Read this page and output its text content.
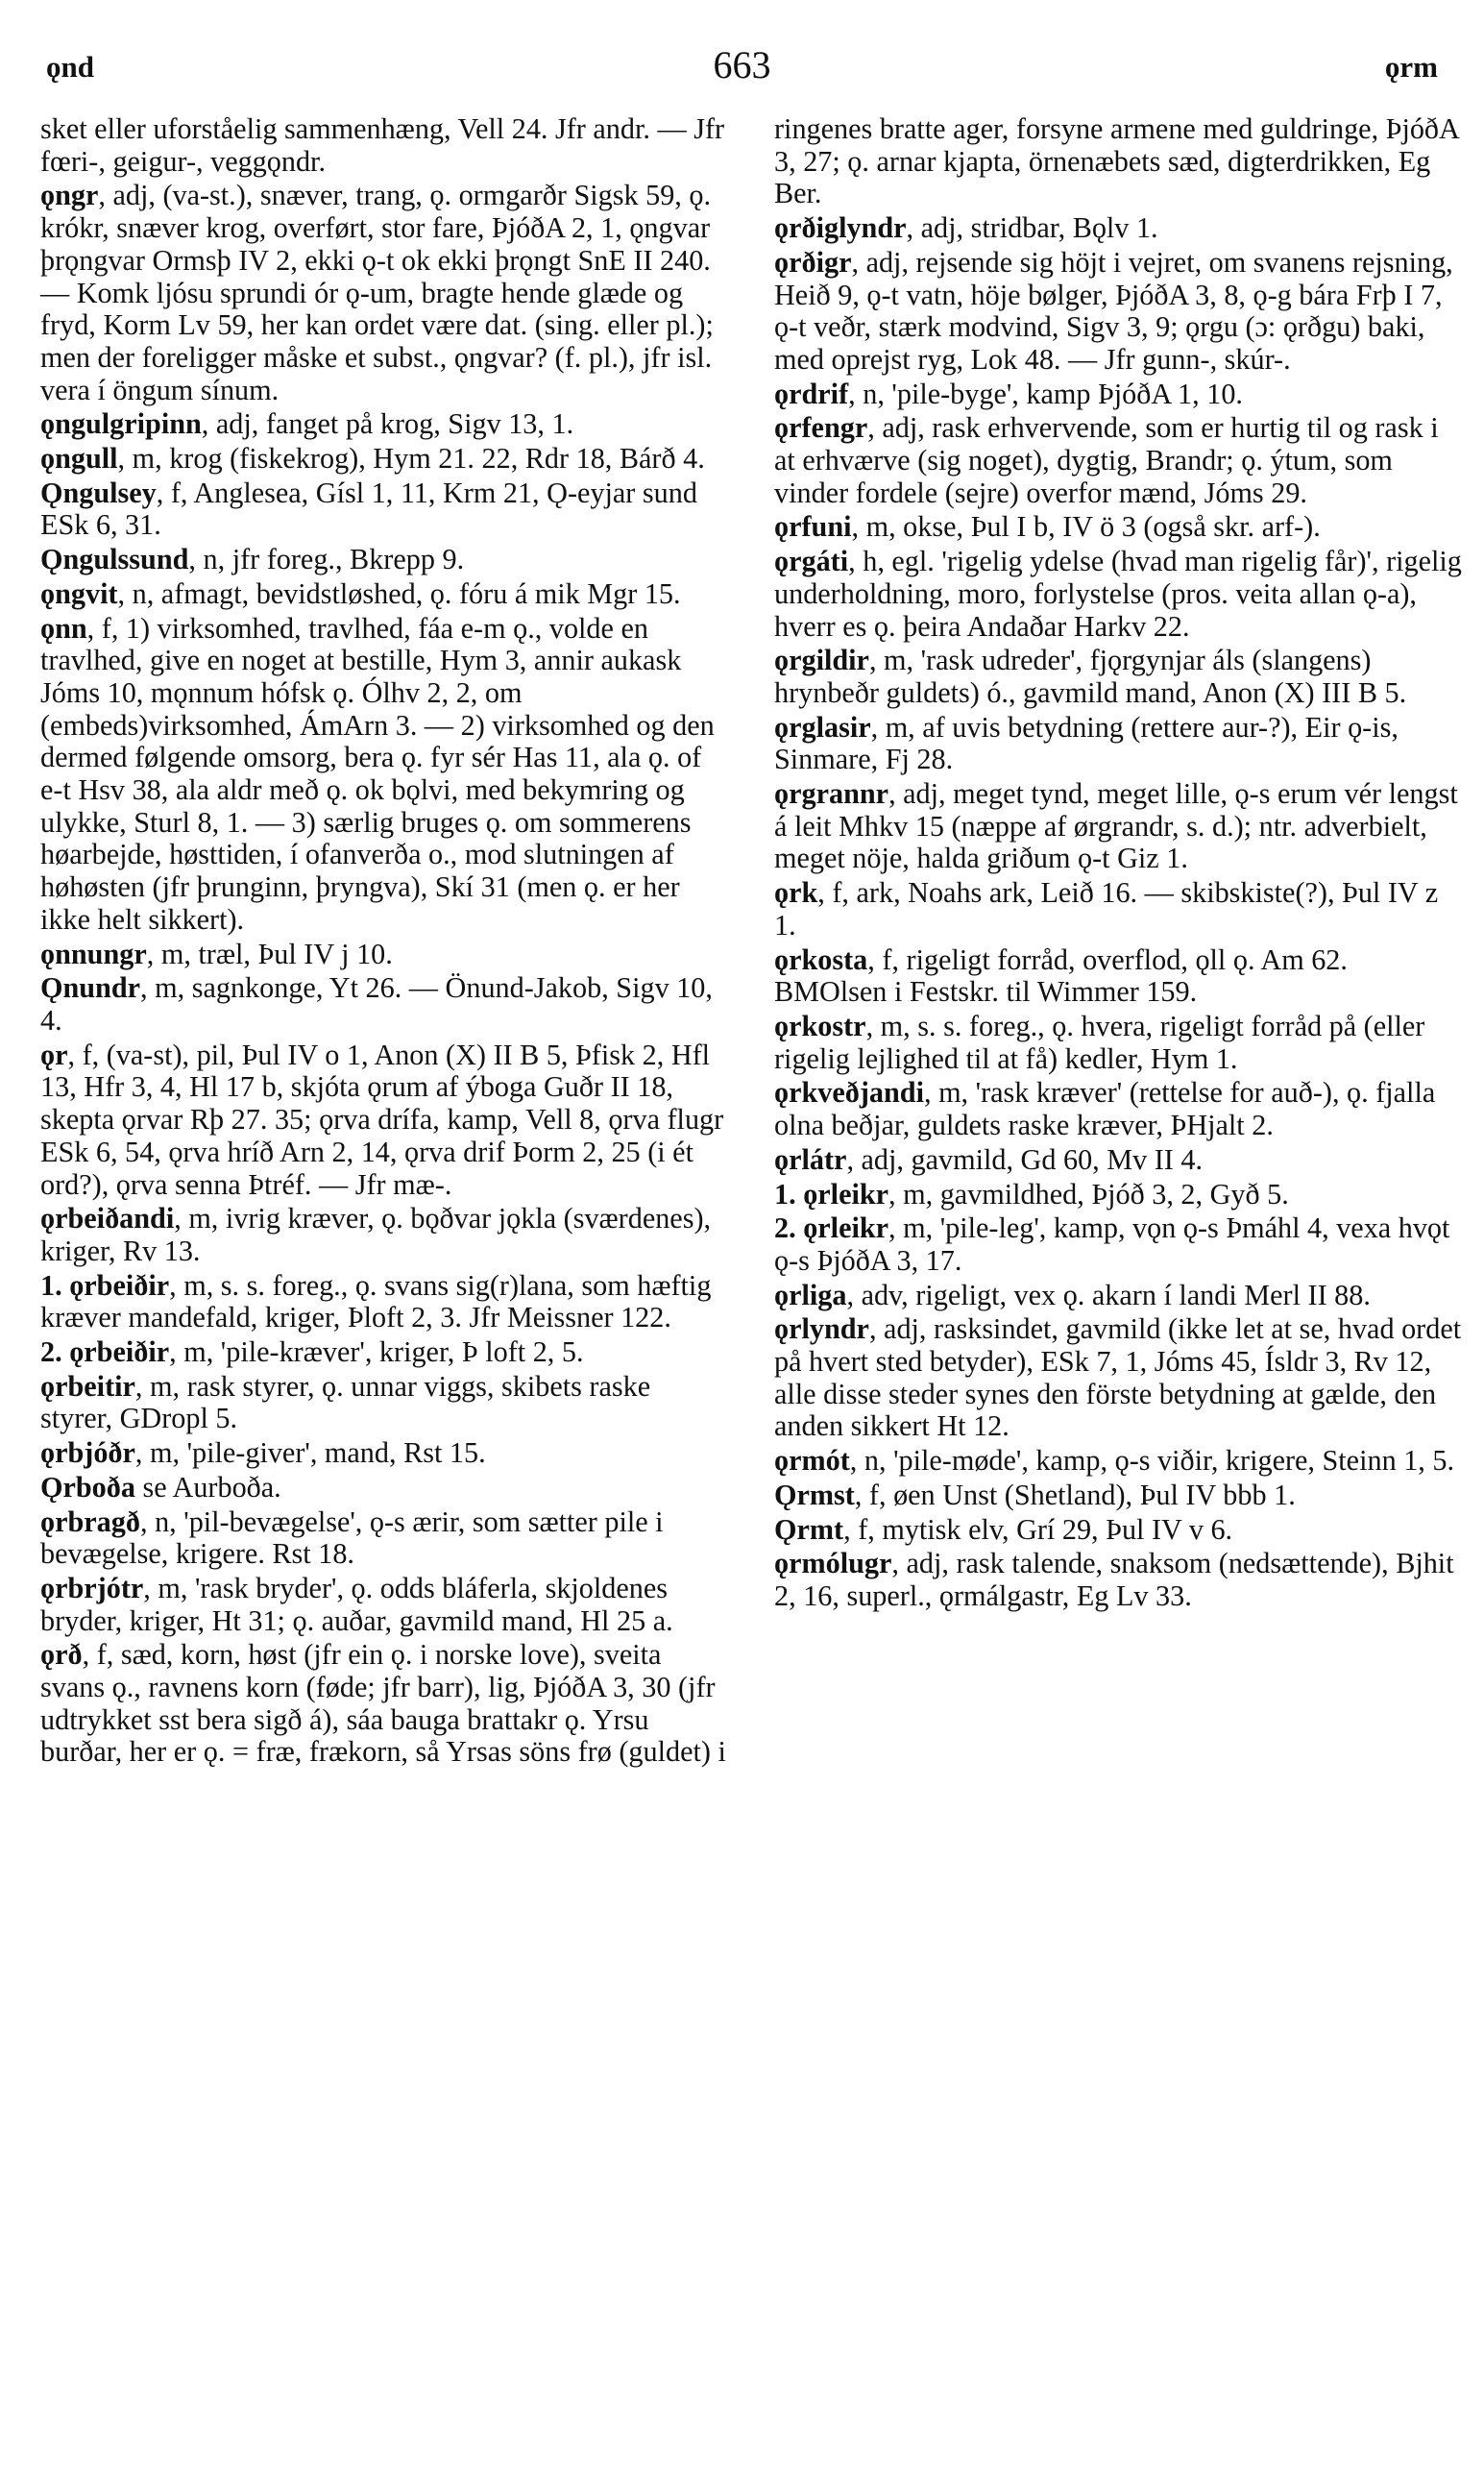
ǫnd	663	ǫrm

sket eller uforståelig sammenhæng, Vell 24. Jfr andr. — Jfr fœri-, geigur-, veggǫndr.

ǫngr, adj, (va-st.), snæver, trang, ǫ. ormgarðr Sigsk 59, ǫ. krókr, snæver krog, overført, stor fare, ÞjóðA 2, 1, ǫngvar þrǫngvar Ormsþ IV 2, ekki ǫ-t ok ekki þrǫngt SnE II 240. — Komk ljósu sprundi ór ǫ-um, bragte hende glæde og fryd, Korm Lv 59, her kan ordet være dat. (sing. eller pl.); men der foreligger måske et subst., ǫngvar? (f. pl.), jfr isl. vera í öngum sínum.

ǫngulgripinn, adj, fanget på krog, Sigv 13, 1.

ǫngull, m, krog (fiskekrog), Hym 21. 22, Rdr 18, Bárð 4.

Ǫngulsey, f, Anglesea, Gísl 1, 11, Krm 21, Ǫ-eyjar sund ESk 6, 31.

Ǫngulssund, n, jfr foreg., Bkrepp 9.

ǫngvit, n, afmagt, bevidstløshed, ǫ. fóru á mik Mgr 15.

ǫnn, f, 1) virksomhed, travlhed, fáa e-m ǫ., volde en travlhed, give en noget at bestille, Hym 3, annir aukask Jóms 10, mǫnnum hófsk ǫ. Ólhv 2, 2, om (embeds)virksomhed, ÁmArn 3. — 2) virksomhed og den dermed følgende omsorg, bera ǫ. fyr sér Has 11, ala ǫ. of e-t Hsv 38, ala aldr með ǫ. ok bǫlvi, med bekymring og ulykke, Sturl 8, 1. — 3) særlig bruges ǫ. om sommerens høarbejde, høsttiden, í ofanverða o., mod slutningen af høhøsten (jfr þrunginn, þryngva), Skí 31 (men ǫ. er her ikke helt sikkert).

ǫnnungr, m, træl, Þul IV j 10.

Ǫnundr, m, sagnkonge, Yt 26. — Önund-Jakob, Sigv 10, 4.

ǫr, f, (va-st), pil, Þul IV o 1, Anon (X) II B 5, Þfisk 2, Hfl 13, Hfr 3, 4, Hl 17 b, skjóta ǫrum af ýboga Guðr II 18, skepta ǫrvar Rþ 27. 35; ǫrva drífa, kamp, Vell 8, ǫrva flugr ESk 6, 54, ǫrva hríð Arn 2, 14, ǫrva drif Þorm 2, 25 (i ét ord?), ǫrva senna Þtréf. — Jfr mæ-.

ǫrbeiðandi, m, ivrig kræver, ǫ. bǫðvar jǫkla (sværdenes), kriger, Rv 13.

1. ǫrbeiðir, m, s. s. foreg., ǫ. svans sig(r)lana, som hæftig kræver mandefald, kriger, Þloft 2, 3. Jfr Meissner 122.

2. ǫrbeiðir, m, 'pile-kræver', kriger, Þ loft 2, 5.

ǫrbeitir, m, rask styrer, ǫ. unnar viggs, skibets raske styrer, GDropl 5.

ǫrbjóðr, m, 'pile-giver', mand, Rst 15.

Ǫrboða se Aurboða.

ǫrbragð, n, 'pil-bevægelse', ǫ-s ærir, som sætter pile i bevægelse, krigere. Rst 18.

ǫrbrjótr, m, 'rask bryder', ǫ. odds bláferla, skjoldenes bryder, kriger, Ht 31; ǫ. auðar, gavmild mand, Hl 25 a.

ǫrð, f, sæd, korn, høst (jfr ein ǫ. i norske love), sveita svans ǫ., ravnens korn (føde; jfr barr), lig, ÞjóðA 3, 30 (jfr udtrykket sst bera sigð á), sáa bauga brattakr ǫ. Yrsu burðar, her er ǫ. = fræ, frækorn, så Yrsas söns frø (guldet) i

ringenes bratte ager, forsyne armene med guldringe, ÞjóðA 3, 27; ǫ. arnar kjapta, örnenæbets sæd, digterdrikken, Eg Ber.

ǫrðiglyndr, adj, stridbar, Bǫlv 1.

ǫrðigr, adj, rejsende sig höjt i vejret, om svanens rejsning, Heið 9, ǫ-t vatn, höje bølger, ÞjóðA 3, 8, ǫ-g bára Frþ I 7, ǫ-t veðr, stærk modvind, Sigv 3, 9; ǫrgu (ɔ: ǫrðgu) baki, med oprejst ryg, Lok 48. — Jfr gunn-, skúr-.

ǫrdrif, n, 'pile-byge', kamp ÞjóðA 1, 10.

ǫrfengr, adj, rask erhvervende, som er hurtig til og rask i at erhværve (sig noget), dygtig, Brandr; ǫ. ýtum, som vinder fordele (sejre) overfor mænd, Jóms 29.

ǫrfuni, m, okse, Þul I b, IV ö 3 (også skr. arf-).

ǫrgáti, h, egl. 'rigelig ydelse (hvad man rigelig får)', rigelig underholdning, moro, forlystelse (pros. veita allan ǫ-a), hverr es ǫ. þeira Andaðar Harkv 22.

ǫrgildir, m, 'rask udreder', fjǫrgynjar áls (slangens) hrynbeðr guldets) ó., gavmild mand, Anon (X) III B 5.

ǫrglasir, m, af uvis betydning (rettere aur-?), Eir ǫ-is, Sinmare, Fj 28.

ǫrgrannr, adj, meget tynd, meget lille, ǫ-s erum vér lengst á leit Mhkv 15 (næppe af ørgrandr, s. d.); ntr. adverbielt, meget nöje, halda griðum ǫ-t Giz 1.

ǫrk, f, ark, Noahs ark, Leið 16. — skibskiste(?), Þul IV z 1.

ǫrkosta, f, rigeligt forråd, overflod, ǫll ǫ. Am 62. BMOlsen i Festskr. til Wimmer 159.

ǫrkostr, m, s. s. foreg., ǫ. hvera, rigeligt forråd på (eller rigelig lejlighed til at få) kedler, Hym 1.

ǫrkveðjandi, m, 'rask kræver' (rettelse for auð-), ǫ. fjalla olna beðjar, guldets raske kræver, ÞHjalt 2.

ǫrlátr, adj, gavmild, Gd 60, Mv II 4.

1. ǫrleikr, m, gavmildhed, Þjóð 3, 2, Gyð 5.

2. ǫrleikr, m, 'pile-leg', kamp, vǫn ǫ-s Þmáhl 4, vexa hvǫt ǫ-s ÞjóðA 3, 17.

ǫrliga, adv, rigeligt, vex ǫ. akarn í landi Merl II 88.

ǫrlyndr, adj, rasksindet, gavmild (ikke let at se, hvad ordet på hvert sted betyder), ESk 7, 1, Jóms 45, Ísldr 3, Rv 12, alle disse steder synes den förste betydning at gælde, den anden sikkert Ht 12.

ǫrmót, n, 'pile-møde', kamp, ǫ-s viðir, krigere, Steinn 1, 5.

Ǫrmst, f, øen Unst (Shetland), Þul IV bbb 1.

Ǫrmt, f, mytisk elv, Grí 29, Þul IV v 6.

ǫrmólugr, adj, rask talende, snaksom (nedsættende), Bjhit 2, 16, superl., ǫrmálgastr, Eg Lv 33.
